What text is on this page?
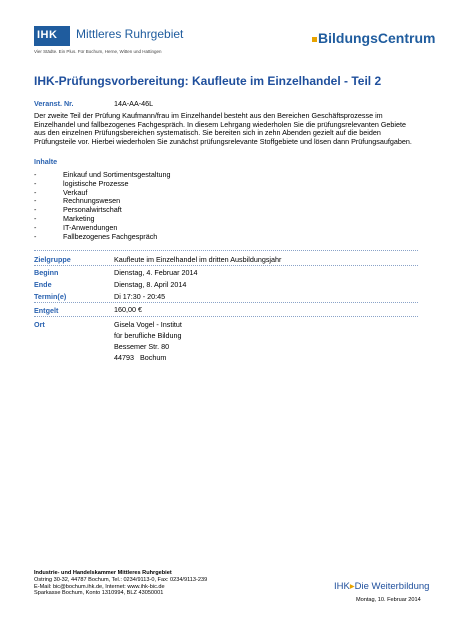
IHK Mittleres Ruhrgebiet
Vier Städte. Ein Plus. Für Bochum, Herne, Witten und Hattingen
BildungsCentrum
IHK-Prüfungsvorbereitung: Kaufleute im Einzelhandel - Teil 2
Veranst. Nr.	14A-AA-46L
Der zweite Teil der Prüfung Kaufmann/frau im Einzelhandel besteht aus den Bereichen Geschäftsprozesse im Einzelhandel und fallbezogenes Fachgespräch. In diesem Lehrgang wiederholen Sie die prüfungsrelevanten Gebiete aus den einzelnen Prüfungsbereichen systematisch. Sie bereiten sich in zehn Abenden gezielt auf die beiden Prüfungsteile vor. Hierbei wiederholen Sie zunächst prüfungsrelevante Stoffgebiete und lösen dann Prüfungsaufgaben.
Inhalte
-	Einkauf und Sortimentsgestaltung
-	logistische Prozesse
-	Verkauf
-	Rechnungswesen
-	Personalwirtschaft
-	Marketing
-	IT-Anwendungen
-	Fallbezogenes Fachgespräch
Zielgruppe	Kaufleute im Einzelhandel im dritten Ausbildungsjahr
Beginn	Dienstag, 4. Februar 2014
Ende	Dienstag, 8. April 2014
Termin(e)	Di 17:30 - 20:45
Entgelt	160,00 €
Ort	Gisela Vogel - Institut
für berufliche Bildung
Bessemer Str. 80
44793   Bochum
Industrie- und Handelskammer Mittleres Ruhrgebiet
Ostring 30-32, 44787 Bochum, Tel.: 0234/9113-0, Fax: 0234/9113-239
E-Mail: bic@bochum.ihk.de, Internet: www.ihk-bic.de
Sparkasse Bochum, Konto 1310994, BLZ 43050001
IHK▸Die Weiterbildung
Montag, 10. Februar 2014
